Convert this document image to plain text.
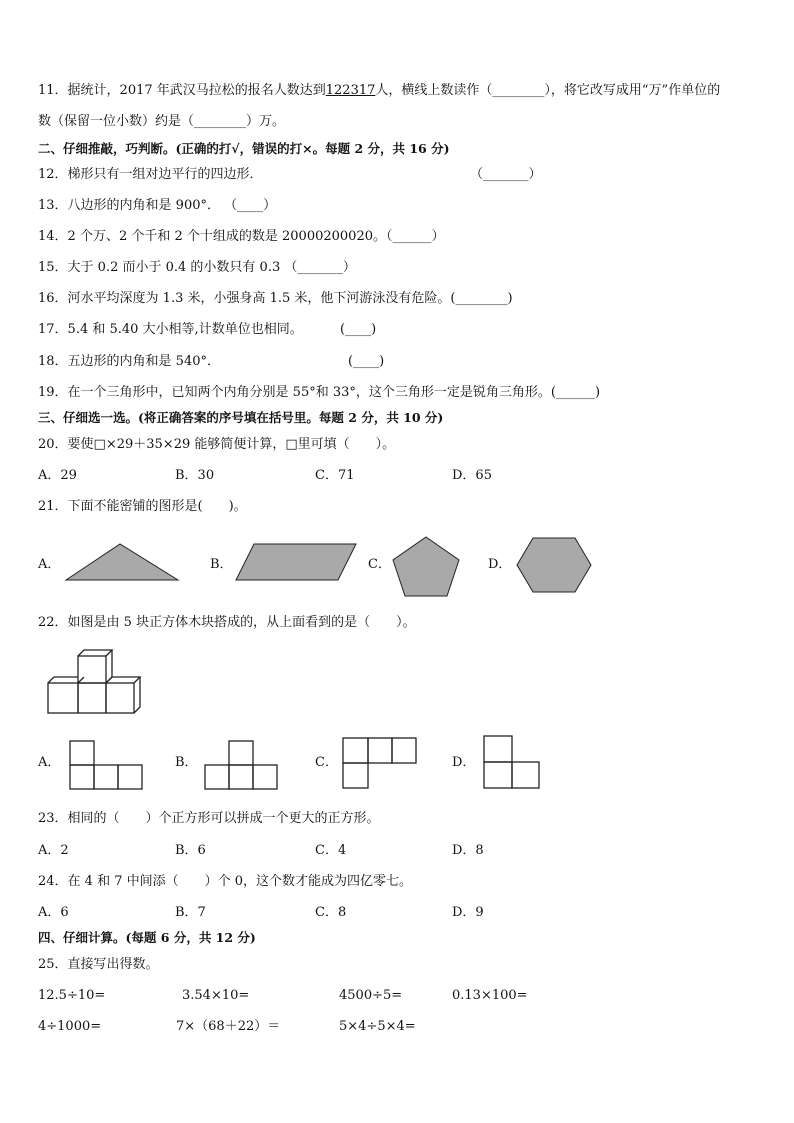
11．据统计，2017 年武汉马拉松的报名人数达到122317人，横线上数读作（________），将它改写成用“万”作单位的
数（保留一位小数）约是（________）万。
二、仔细推敲，巧判断。(正确的打√，错误的打×。每题 2 分，共 16 分)
12．梯形只有一组对边平行的四边形．	（_______）
13．八边形的内角和是 900°． （____）
14．2 个万、2 个千和 2 个十组成的数是 20000200020。（______）
15．大于 0.2 而小于 0.4 的小数只有 0.3 （_______）
16．河水平均深度为 1.3 米，小强身高 1.5 米，他下河游泳没有危险。(________)
17．5.4 和 5.40 大小相等,计数单位也相同。	(____)
18．五边形的内角和是 540°．	(____)
19．在一个三角形中，已知两个内角分别是 55°和 33°，这个三角形一定是锐角三角形。(______)
三、仔细选一选。(将正确答案的序号填在括号里。每题 2 分，共 10 分)
20．要使□×29＋35×29 能够简便计算，□里可填（　　）。
A．29	B．30	C．71	D．65
21．下面不能密铺的图形是(　　)。
A．	B．	C．	D．
22．如图是由 5 块正方体木块搭成的，从上面看到的是（　　）。
A．	B．	C．	D．
23．相同的（　　）个正方形可以拼成一个更大的正方形。
A．2	B．6	C．4	D．8
24．在 4 和 7 中间添（　　）个 0，这个数才能成为四亿零七。
A．6	B．7	C．8	D．9
四、仔细计算。(每题 6 分，共 12 分)
25．直接写出得数。
12.5÷10=	3.54×10=	4500÷5=	0.13×100=
4÷1000=	7×（68＋22）＝	5×4÷5×4=
